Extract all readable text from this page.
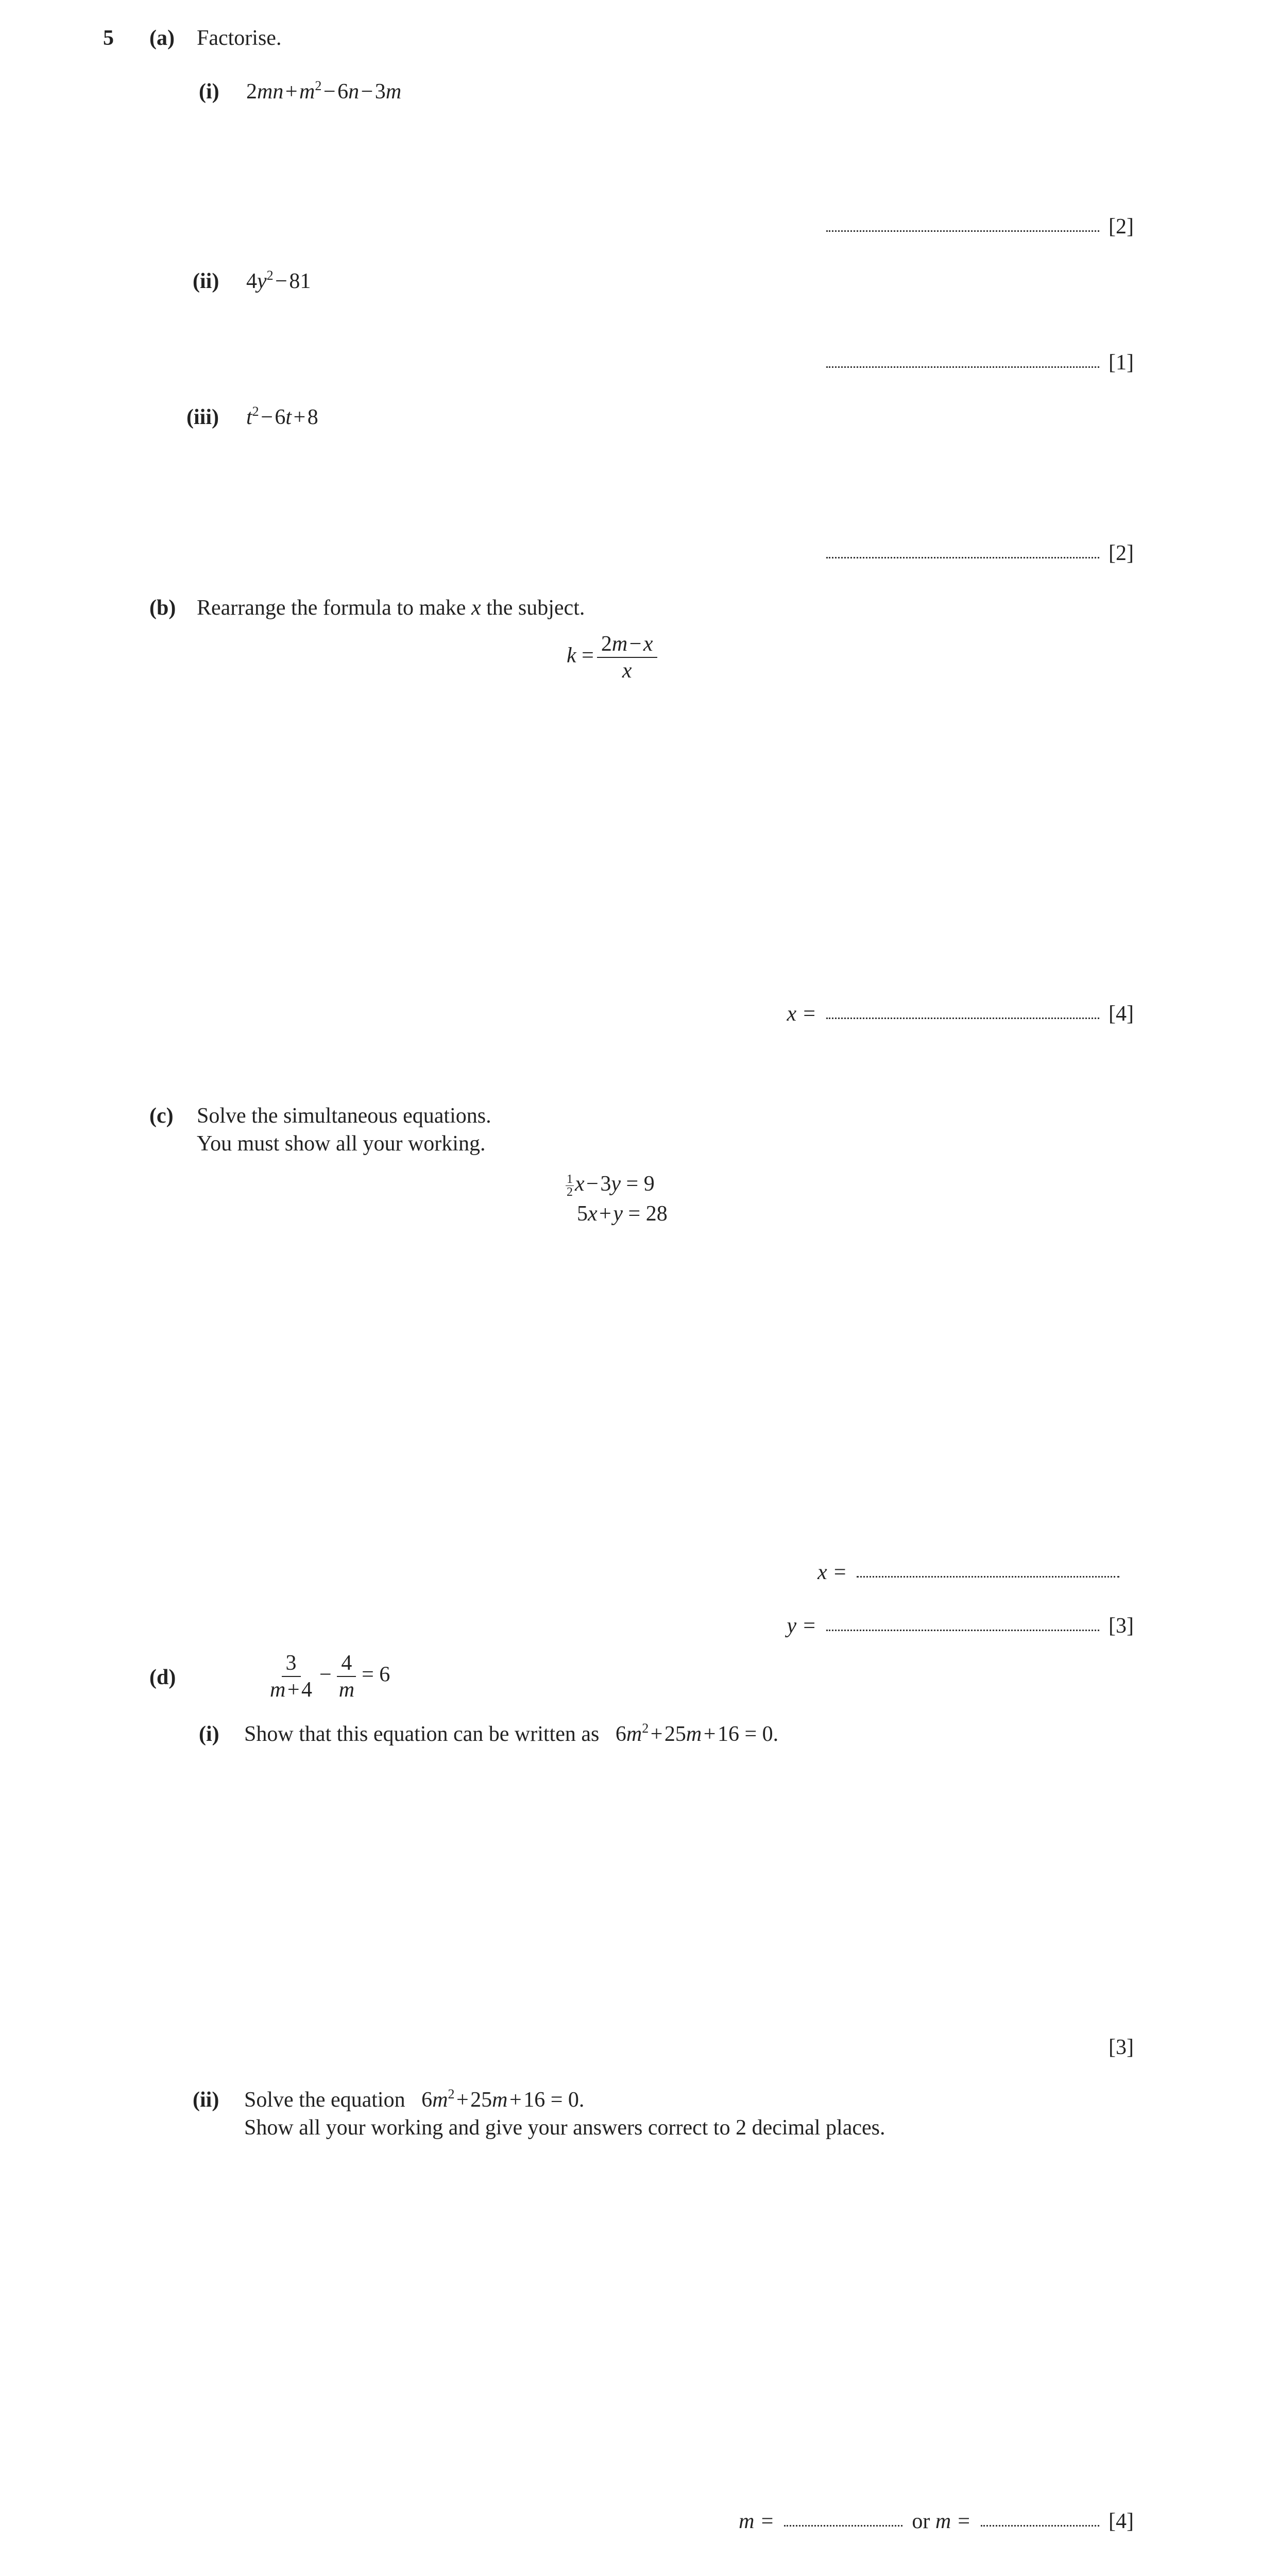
5 (a) Factorise.
(i) 2mn + $m^2$ − 6n − 3m
[2]
(ii) $4y^2$ − 81
[1]
(iii) $t^2$ − 6t + 8
[2]
(b) Rearrange the formula to make x the subject.
$k = \frac{2m - x}{x}$
x =	[4]
(c) Solve the simultaneous equations.
You must show all your working.
$\frac{1}{2}$ x − 3y = 9
5x + y = 28
x =
y =	[3]
(d)	$\frac{3}{m + 4} - \frac{4}{m} = 6$
(i) Show that this equation can be written as   $6m^2$ + 25m + 16 = 0.
[3]
(ii) Solve the equation   $6m^2$ + 25m + 16 = 0.
Show all your working and give your answers correct to 2 decimal places.
m =	or m =	[4]
